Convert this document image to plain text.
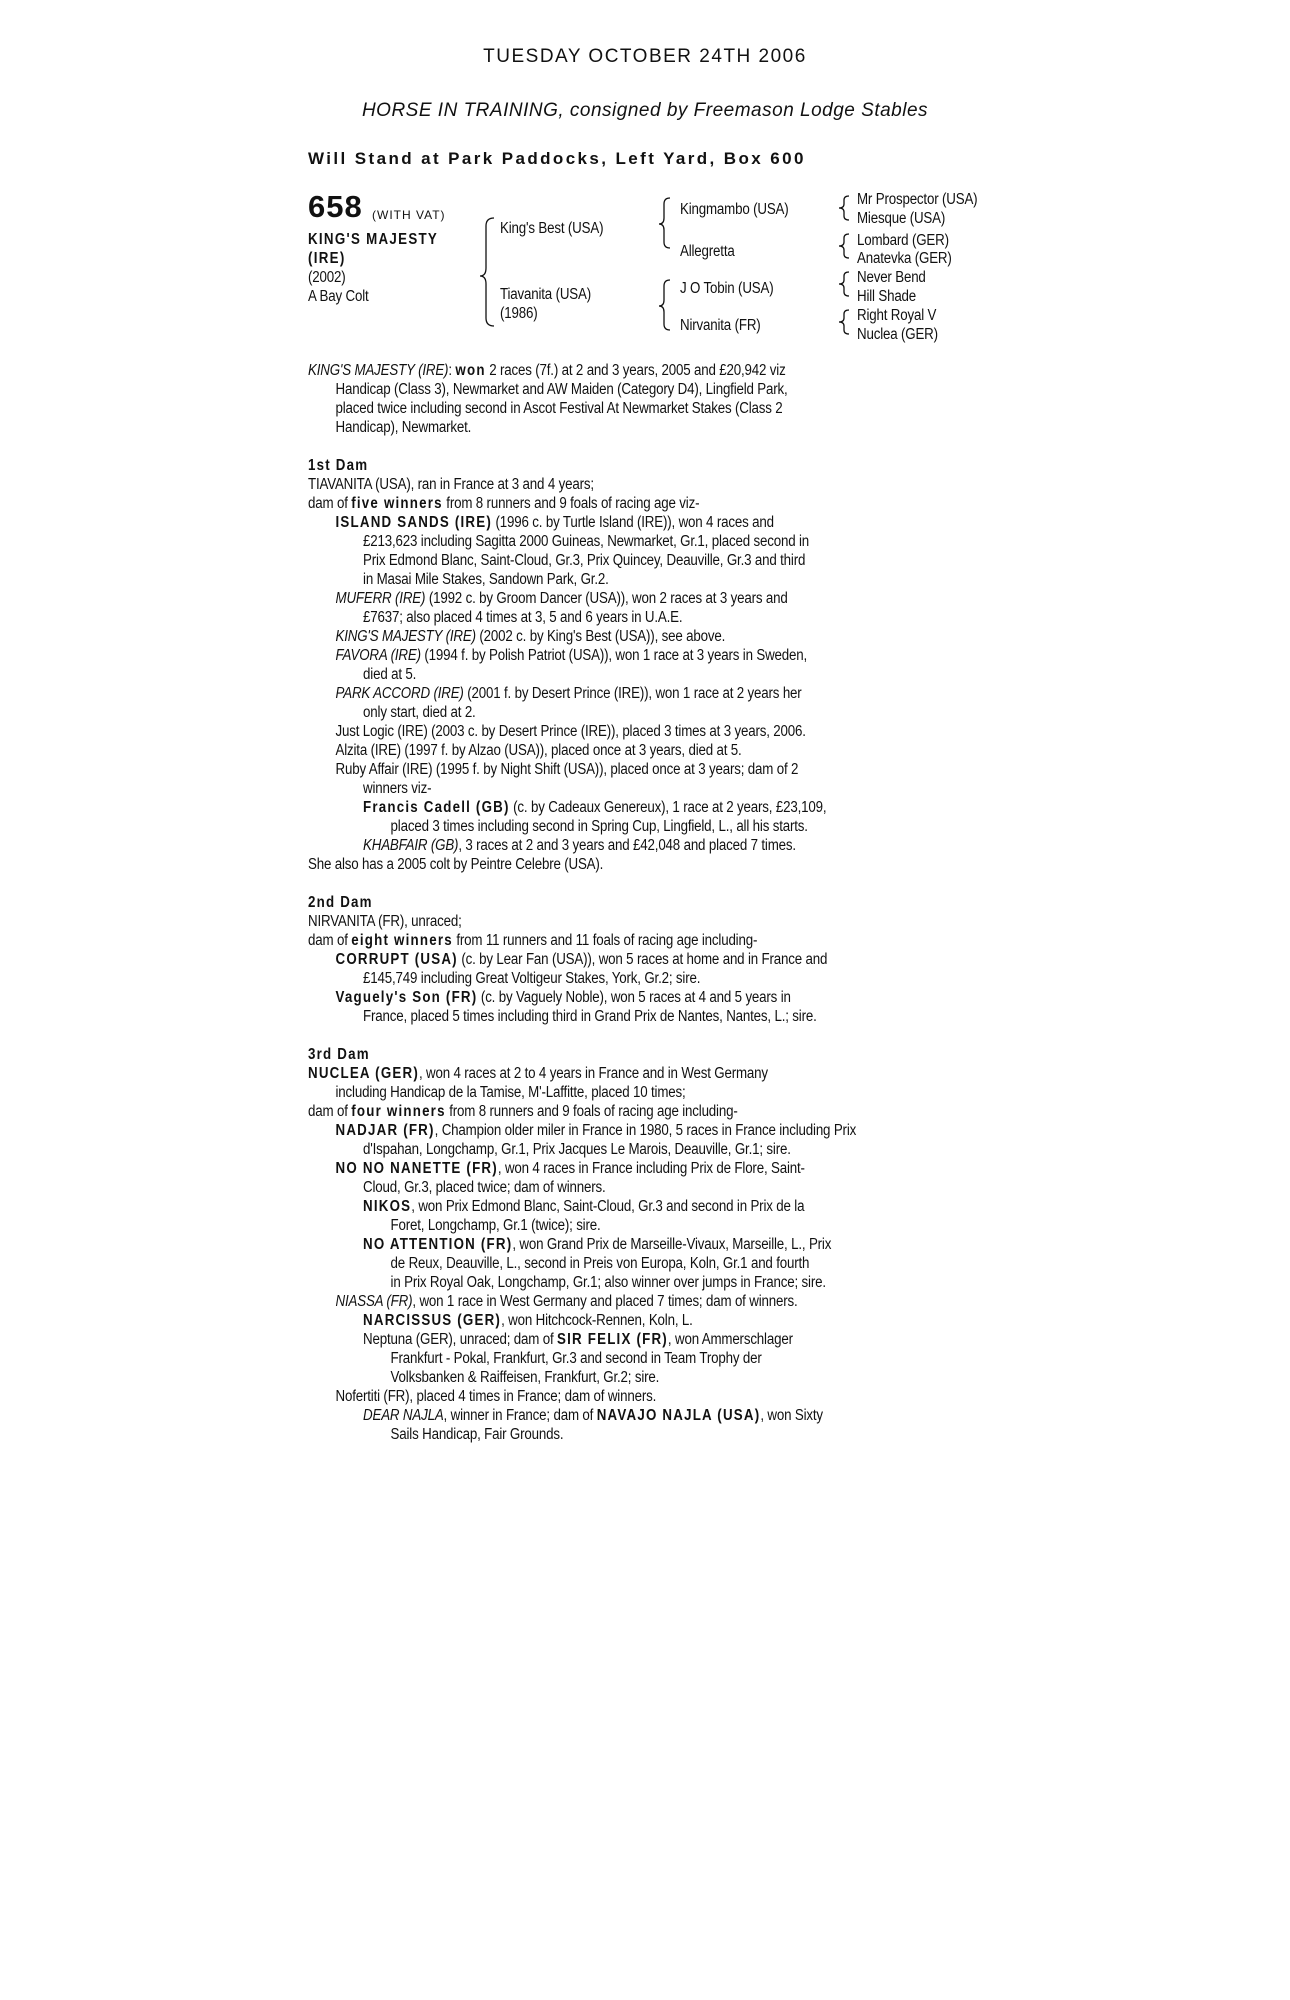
TUESDAY OCTOBER 24TH 2006
HORSE IN TRAINING, consigned by Freemason Lodge Stables
Will Stand at Park Paddocks, Left Yard, Box 600
658 (WITH VAT)
KING'S MAJESTY
(IRE)
(2002)
A Bay Colt
King's Best (USA)
Tiavanita (USA)
(1986)
Kingmambo (USA)
Allegretta
J O Tobin (USA)
Nirvanita (FR)
Mr Prospector (USA)
Miesque (USA)
Lombard (GER)
Anatevka (GER)
Never Bend
Hill Shade
Right Royal V
Nuclea (GER)
KING'S MAJESTY (IRE): won 2 races (7f.) at 2 and 3 years, 2005 and £20,942 viz
Handicap (Class 3), Newmarket and AW Maiden (Category D4), Lingfield Park,
placed twice including second in Ascot Festival At Newmarket Stakes (Class 2
Handicap), Newmarket.
1st Dam
TIAVANITA (USA), ran in France at 3 and 4 years;
dam of five winners from 8 runners and 9 foals of racing age viz-
ISLAND SANDS (IRE) (1996 c. by Turtle Island (IRE)), won 4 races and
£213,623 including Sagitta 2000 Guineas, Newmarket, Gr.1, placed second in
Prix Edmond Blanc, Saint-Cloud, Gr.3, Prix Quincey, Deauville, Gr.3 and third
in Masai Mile Stakes, Sandown Park, Gr.2.
MUFERR (IRE) (1992 c. by Groom Dancer (USA)), won 2 races at 3 years and
£7637; also placed 4 times at 3, 5 and 6 years in U.A.E.
KING'S MAJESTY (IRE) (2002 c. by King's Best (USA)), see above.
FAVORA (IRE) (1994 f. by Polish Patriot (USA)), won 1 race at 3 years in Sweden,
died at 5.
PARK ACCORD (IRE) (2001 f. by Desert Prince (IRE)), won 1 race at 2 years her
only start, died at 2.
Just Logic (IRE) (2003 c. by Desert Prince (IRE)), placed 3 times at 3 years, 2006.
Alzita (IRE) (1997 f. by Alzao (USA)), placed once at 3 years, died at 5.
Ruby Affair (IRE) (1995 f. by Night Shift (USA)), placed once at 3 years; dam of 2
winners viz-
Francis Cadell (GB) (c. by Cadeaux Genereux), 1 race at 2 years, £23,109,
placed 3 times including second in Spring Cup, Lingfield, L., all his starts.
KHABFAIR (GB), 3 races at 2 and 3 years and £42,048 and placed 7 times.
She also has a 2005 colt by Peintre Celebre (USA).
2nd Dam
NIRVANITA (FR), unraced;
dam of eight winners from 11 runners and 11 foals of racing age including-
CORRUPT (USA) (c. by Lear Fan (USA)), won 5 races at home and in France and
£145,749 including Great Voltigeur Stakes, York, Gr.2; sire.
Vaguely's Son (FR) (c. by Vaguely Noble), won 5 races at 4 and 5 years in
France, placed 5 times including third in Grand Prix de Nantes, Nantes, L.; sire.
3rd Dam
NUCLEA (GER), won 4 races at 2 to 4 years in France and in West Germany
including Handicap de la Tamise, M'-Laffitte, placed 10 times;
dam of four winners from 8 runners and 9 foals of racing age including-
NADJAR (FR), Champion older miler in France in 1980, 5 races in France including Prix
d'Ispahan, Longchamp, Gr.1, Prix Jacques Le Marois, Deauville, Gr.1; sire.
NO NO NANETTE (FR), won 4 races in France including Prix de Flore, Saint-
Cloud, Gr.3, placed twice; dam of winners.
NIKOS, won Prix Edmond Blanc, Saint-Cloud, Gr.3 and second in Prix de la
Foret, Longchamp, Gr.1 (twice); sire.
NO ATTENTION (FR), won Grand Prix de Marseille-Vivaux, Marseille, L., Prix
de Reux, Deauville, L., second in Preis von Europa, Koln, Gr.1 and fourth
in Prix Royal Oak, Longchamp, Gr.1; also winner over jumps in France; sire.
NIASSA (FR), won 1 race in West Germany and placed 7 times; dam of winners.
NARCISSUS (GER), won Hitchcock-Rennen, Koln, L.
Neptuna (GER), unraced; dam of SIR FELIX (FR), won Ammerschlager
Frankfurt - Pokal, Frankfurt, Gr.3 and second in Team Trophy der
Volksbanken & Raiffeisen, Frankfurt, Gr.2; sire.
Nofertiti (FR), placed 4 times in France; dam of winners.
DEAR NAJLA, winner in France; dam of NAVAJO NAJLA (USA), won Sixty
Sails Handicap, Fair Grounds.
